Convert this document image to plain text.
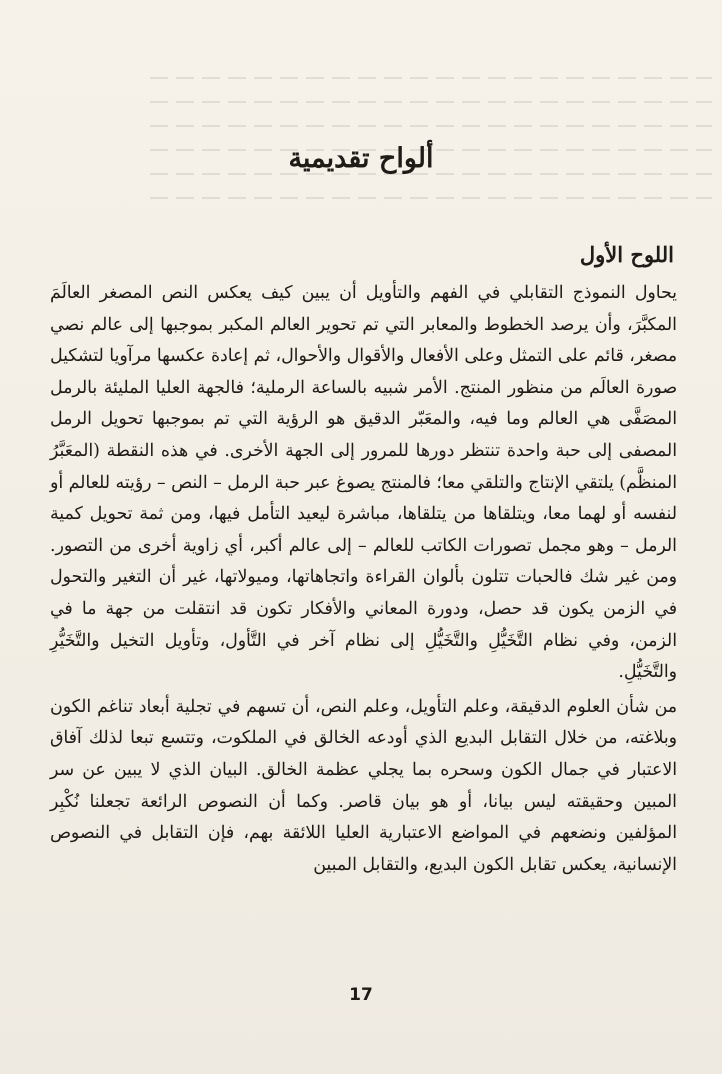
ألواح تقديمية
اللوح الأول

يحاول النموذج التقابلي في الفهم والتأويل أن يبين كيف يعكس النص المصغر العالَمَ المكبَّرَ، وأن يرصد الخطوط والمعابر التي تم تحوير العالم المكبر بموجبها إلى عالم نصي مصغر، قائم على التمثل وعلى الأفعال والأقوال والأحوال، ثم إعادة عكسها مرآويا لتشكيل صورة العالَم من منظور المنتج. الأمر شبيه بالساعة الرملية؛ فالجهة العليا المليئة بالرمل المصَفَّى هي العالم وما فيه، والمعَبّر الدقيق هو الرؤية التي تم بموجبها تحويل الرمل المصفى إلى حبة واحدة تنتظر دورها للمرور إلى الجهة الأخرى. في هذه النقطة (المعَبَّرُ المنظَّم) يلتقي الإنتاج والتلقي معا؛ فالمنتج يصوغ عبر حبة الرمل – النص – رؤيته للعالم أو لنفسه أو لهما معا، ويتلقاها من يتلقاها، مباشرة ليعيد التأمل فيها، ومن ثمة تحويل كمية الرمل – وهو مجمل تصورات الكاتب للعالم – إلى عالم أكبر، أي زاوية أخرى من التصور. ومن غير شك فالحبات تتلون بألوان القراءة واتجاهاتها، وميولاتها، غير أن التغير والتحول في الزمن يكون قد حصل، ودورة المعاني والأفكار تكون قد انتقلت من جهة ما في الزمن، وفي نظام التَّخَيُّلِ والتَّخَيُّلِ إلى نظام آخر في التَّأول، وتأويل التخيل والتَّخَيُّرِ والتَّخَيُّلِ.

من شأن العلوم الدقيقة، وعلم التأويل، وعلم النص، أن تسهم في تجلية أبعاد تناغم الكون وبلاغته، من خلال التقابل البديع الذي أودعه الخالق في الملكوت، وتتسع تبعا لذلك آفاق الاعتبار في جمال الكون وسحره بما يجلي عظمة الخالق. البيان الذي لا يبين عن سر المبين وحقيقته ليس بيانا، أو هو بيان قاصر. وكما أن النصوص الرائعة تجعلنا نُكْبِر المؤلفين ونضعهم في المواضع الاعتبارية العليا اللائقة بهم، فإن التقابل في النصوص الإنسانية، يعكس تقابل الكون البديع، والتقابل المبين

17
